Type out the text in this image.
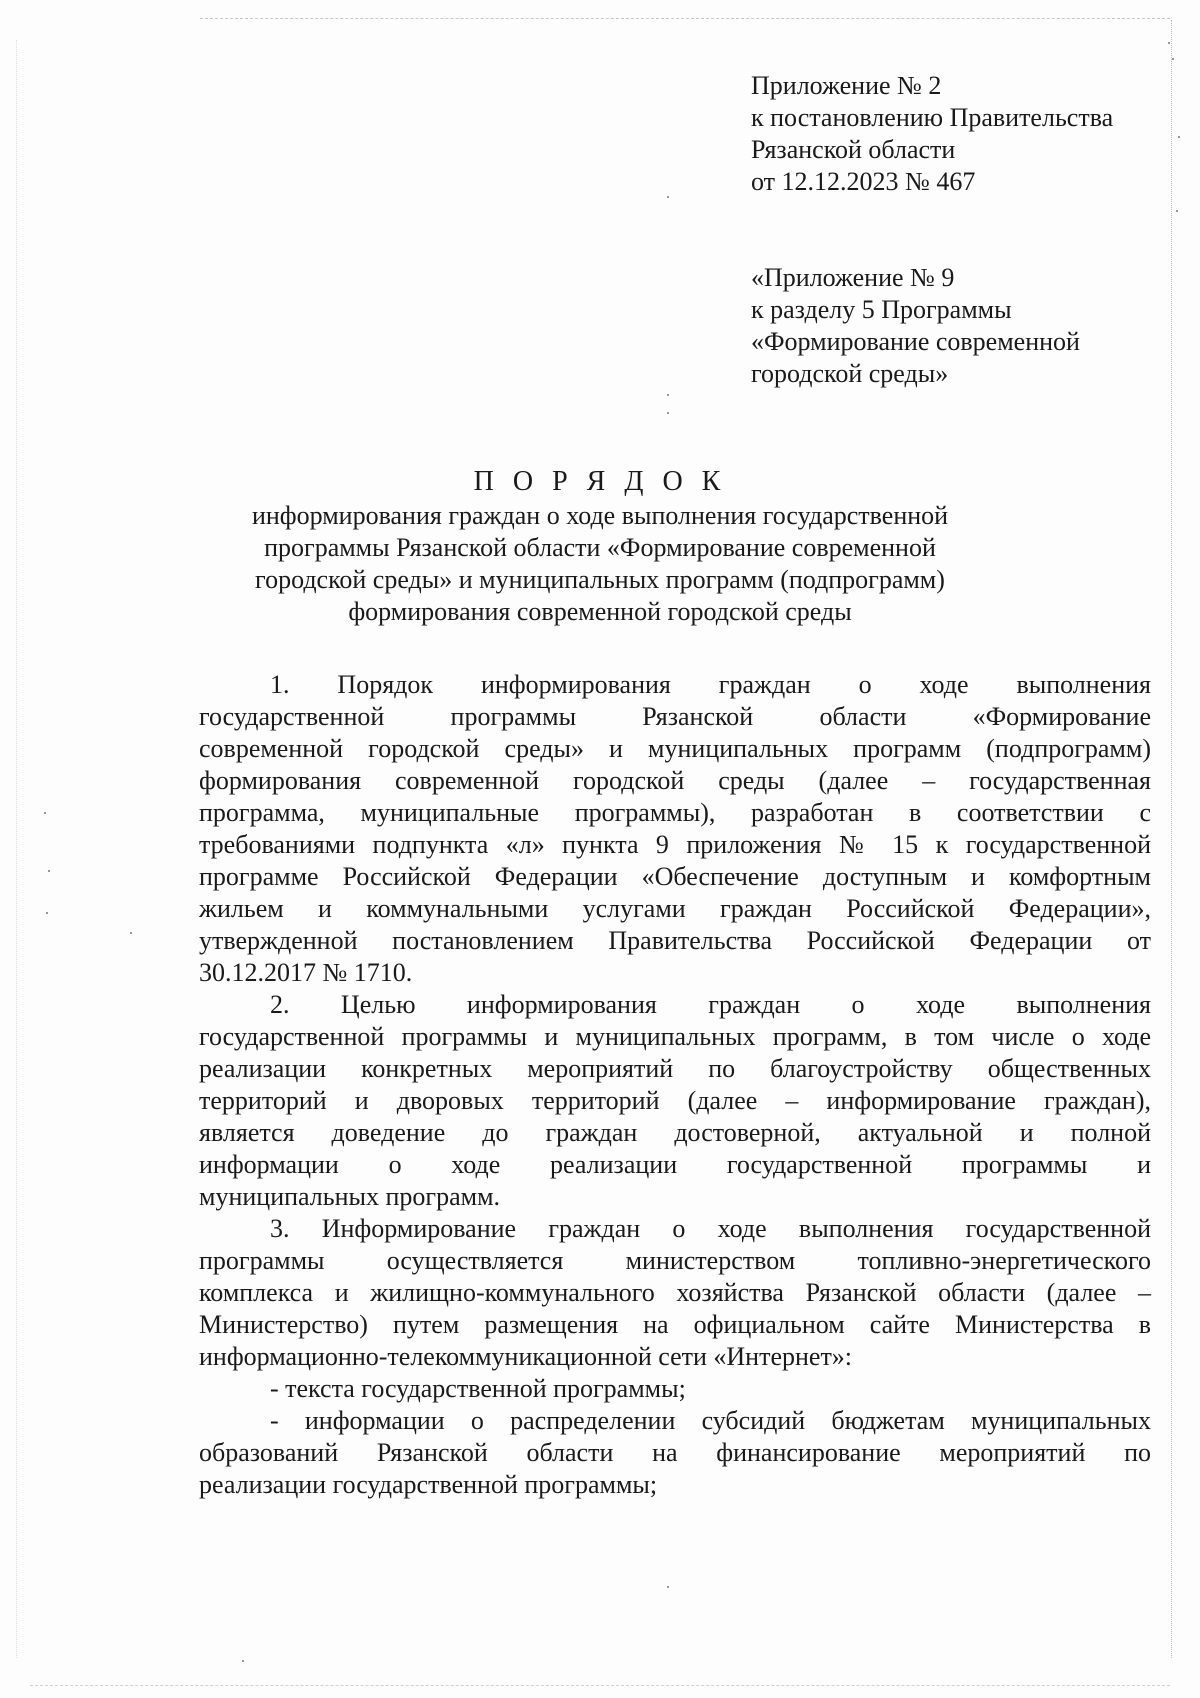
Приложение № 2
к постановлению Правительства
Рязанской области
от 12.12.2023 № 467
«Приложение № 9
к разделу 5 Программы
«Формирование современной
городской среды»
П О Р Я Д О К
информирования граждан о ходе выполнения государственной
программы Рязанской области «Формирование современной
городской среды» и муниципальных программ (подпрограмм)
формирования современной городской среды
1. Порядок информирования граждан о ходе выполнения
государственной программы Рязанской области «Формирование
современной городской среды» и муниципальных программ (подпрограмм)
формирования современной городской среды (далее – государственная
программа, муниципальные программы), разработан в соответствии с
требованиями подпункта «л» пункта 9 приложения № 15 к государственной
программе Российской Федерации «Обеспечение доступным и комфортным
жильем и коммунальными услугами граждан Российской Федерации»,
утвержденной постановлением Правительства Российской Федерации от
30.12.2017 № 1710.
2. Целью информирования граждан о ходе выполнения
государственной программы и муниципальных программ, в том числе о ходе
реализации конкретных мероприятий по благоустройству общественных
территорий и дворовых территорий (далее – информирование граждан),
является доведение до граждан достоверной, актуальной и полной
информации о ходе реализации государственной программы и
муниципальных программ.
3. Информирование граждан о ходе выполнения государственной
программы осуществляется министерством топливно-энергетического
комплекса и жилищно-коммунального хозяйства Рязанской области (далее –
Министерство) путем размещения на официальном сайте Министерства в
информационно-телекоммуникационной сети «Интернет»:
- текста государственной программы;
- информации о распределении субсидий бюджетам муниципальных
образований Рязанской области на финансирование мероприятий по
реализации государственной программы;
